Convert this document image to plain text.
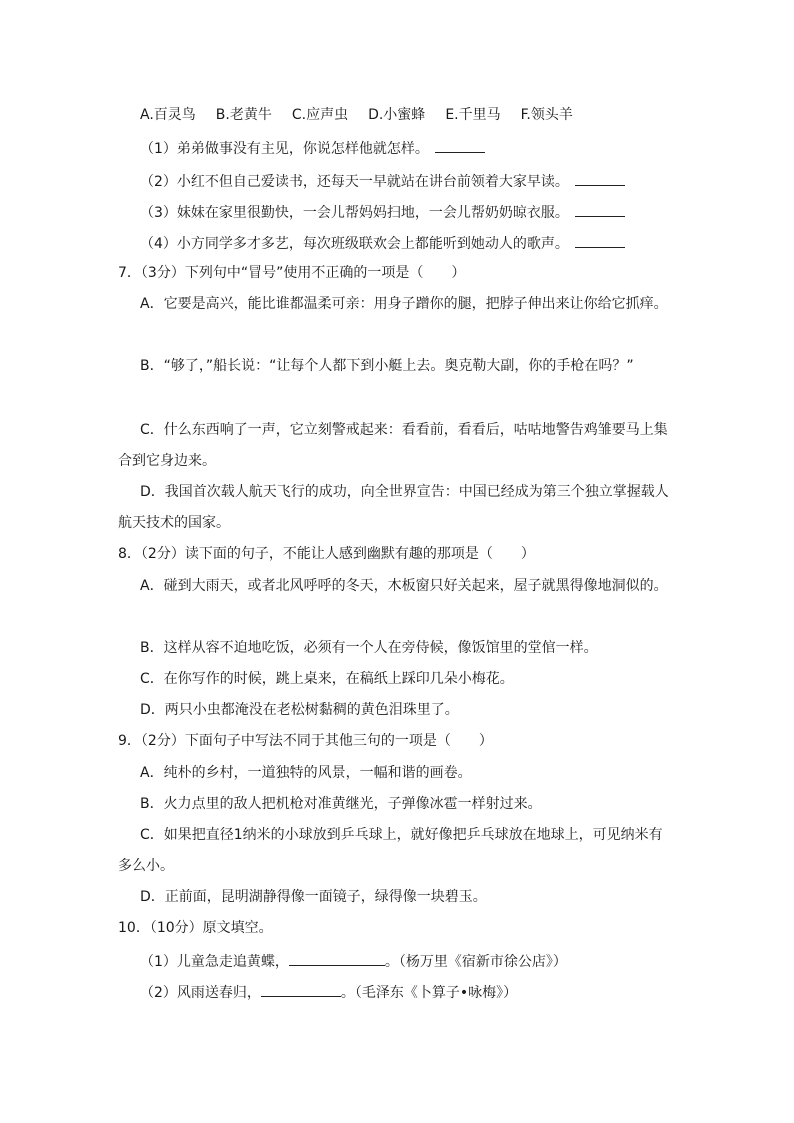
A.百灵鸟 B.老黄牛 C.应声虫 D.小蜜蜂 E.千里马 F.领头羊
（1）弟弟做事没有主见，你说怎样他就怎样。
（2）小红不但自己爱读书，还每天一早就站在讲台前领着大家早读。
（3）妹妹在家里很勤快，一会儿帮妈妈扫地，一会儿帮奶奶晾衣服。
（4）小方同学多才多艺，每次班级联欢会上都能听到她动人的歌声。
7．（3分）下列句中“冒号”使用不正确的一项是（　　）
A．它要是高兴，能比谁都温柔可亲：用身子蹭你的腿，把脖子伸出来让你给它抓痒。
B．“够了，”船长说：“让每个人都下到小艇上去。奥克勒大副，你的手枪在吗？”
C．什么东西响了一声，它立刻警戒起来：看看前，看看后，咕咕地警告鸡雏要马上集
合到它身边来。
D．我国首次载人航天飞行的成功，向全世界宣告：中国已经成为第三个独立掌握载人
航天技术的国家。
8．（2分）读下面的句子，不能让人感到幽默有趣的那项是（　　）
A．碰到大雨天，或者北风呼呼的冬天，木板窗只好关起来，屋子就黑得像地洞似的。
B．这样从容不迫地吃饭，必须有一个人在旁侍候，像饭馆里的堂倌一样。
C．在你写作的时候，跳上桌来，在稿纸上踩印几朵小梅花。
D．两只小虫都淹没在老松树黏稠的黄色泪珠里了。
9．（2分）下面句子中写法不同于其他三句的一项是（　　）
A．纯朴的乡村，一道独特的风景，一幅和谐的画卷。
B．火力点里的敌人把机枪对准黄继光，子弹像冰雹一样射过来。
C．如果把直径1纳米的小球放到乒乓球上，就好像把乒乓球放在地球上，可见纳米有
多么小。
D．正前面，昆明湖静得像一面镜子，绿得像一块碧玉。
10．（10分）原文填空。
（1）儿童急走追黄蝶，	。（杨万里《宿新市徐公店》）
（2）风雨送春归，	。（毛泽东《卜算子•咏梅》）
